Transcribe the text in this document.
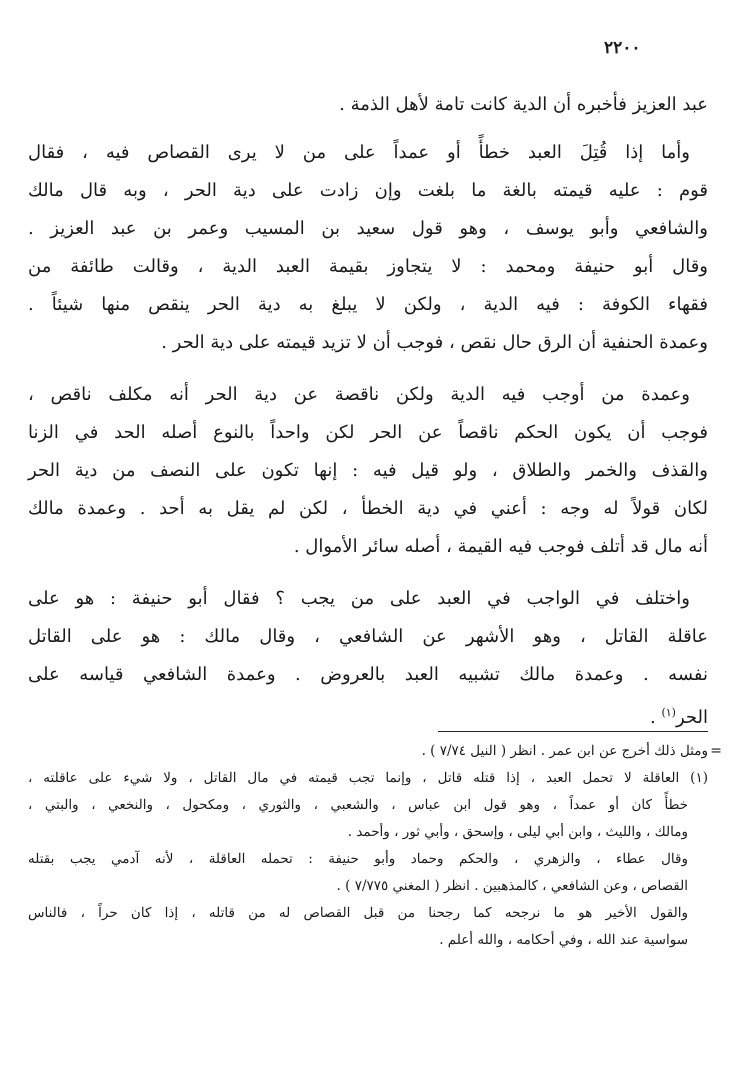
٢٢٠٠
عبد العزيز فأخبره أن الدية كانت تامة لأهل الذمة .
وأما إذا قُتِلَ العبد خطأً أو عمداً على من لا يرى القصاص فيه ، فقال
قوم : عليه قيمته بالغة ما بلغت وإن زادت على دية الحر ، وبه قال مالك
والشافعي وأبو يوسف ، وهو قول سعيد بن المسيب وعمر بن عبد العزيز .
وقال أبو حنيفة ومحمد : لا يتجاوز بقيمة العبد الدية ، وقالت طائفة من
فقهاء الكوفة : فيه الدية ، ولكن لا يبلغ به دية الحر ينقص منها شيئاً .
وعمدة الحنفية أن الرق حال نقص ، فوجب أن لا تزيد قيمته على دية الحر .
وعمدة من أوجب فيه الدية ولكن ناقصة عن دية الحر أنه مكلف ناقص ،
فوجب أن يكون الحكم ناقصاً عن الحر لكن واحداً بالنوع أصله الحد في الزنا
والقذف والخمر والطلاق ، ولو قيل فيه : إنها تكون على النصف من دية الحر
لكان قولاً له وجه : أعني في دية الخطأ ، لكن لم يقل به أحد . وعمدة مالك
أنه مال قد أتلف فوجب فيه القيمة ، أصله سائر الأموال .
واختلف في الواجب في العبد على من يجب ؟ فقال أبو حنيفة : هو على
عاقلة القاتل ، وهو الأشهر عن الشافعي ، وقال مالك : هو على القاتل
نفسه . وعمدة مالك تشبيه العبد بالعروض . وعمدة الشافعي قياسه على
الحر$^{(١)}$ .
=
ومثل ذلك أخرج عن ابن عمر . انظر ( النيل ٧/٧٤ ) .
(١) العاقلة لا تحمل العبد ، إذا قتله قاتل ، وإنما تجب قيمته في مال القاتل ، ولا شيء على عاقلته ،
خطأً كان أو عمداً ، وهو قول ابن عباس ، والشعبي ، والثوري ، ومكحول ، والنخعي ، والبتي ،
ومالك ، والليث ، وابن أبي ليلى ، وإسحق ، وأبي ثور ، وأحمد .
وقال عطاء ، والزهري ، والحكم وحماد وأبو حنيفة : تحمله العاقلة ، لأنه آدمي يجب بقتله
القصاص ، وعن الشافعي ، كالمذهبين . انظر ( المغني ٧/٧٧٥ ) .
والقول الأخير هو ما نرجحه كما رجحنا من قبل القصاص له من قاتله ، إذا كان حراً ، فالناس
سواسية عند الله ، وفي أحكامه ، والله أعلم .
